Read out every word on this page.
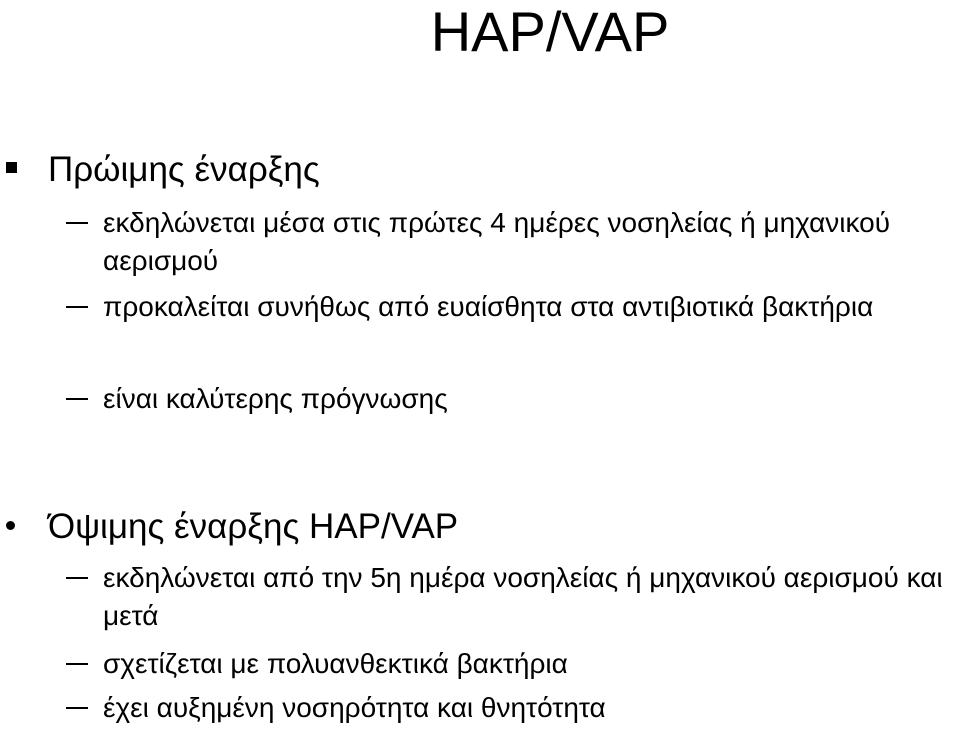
HAP/VAP
Πρώιμης έναρξης
εκδηλώνεται μέσα στις πρώτες 4 ημέρες νοσηλείας ή μηχανικού αερισμού
προκαλείται συνήθως από ευαίσθητα στα αντιβιοτικά βακτήρια
είναι καλύτερης πρόγνωσης
Όψιμης έναρξης HAP/VAP
εκδηλώνεται από την 5η ημέρα νοσηλείας ή μηχανικού αερισμού και μετά
σχετίζεται με πολυανθεκτικά βακτήρια
έχει αυξημένη νοσηρότητα και θνητότητα
